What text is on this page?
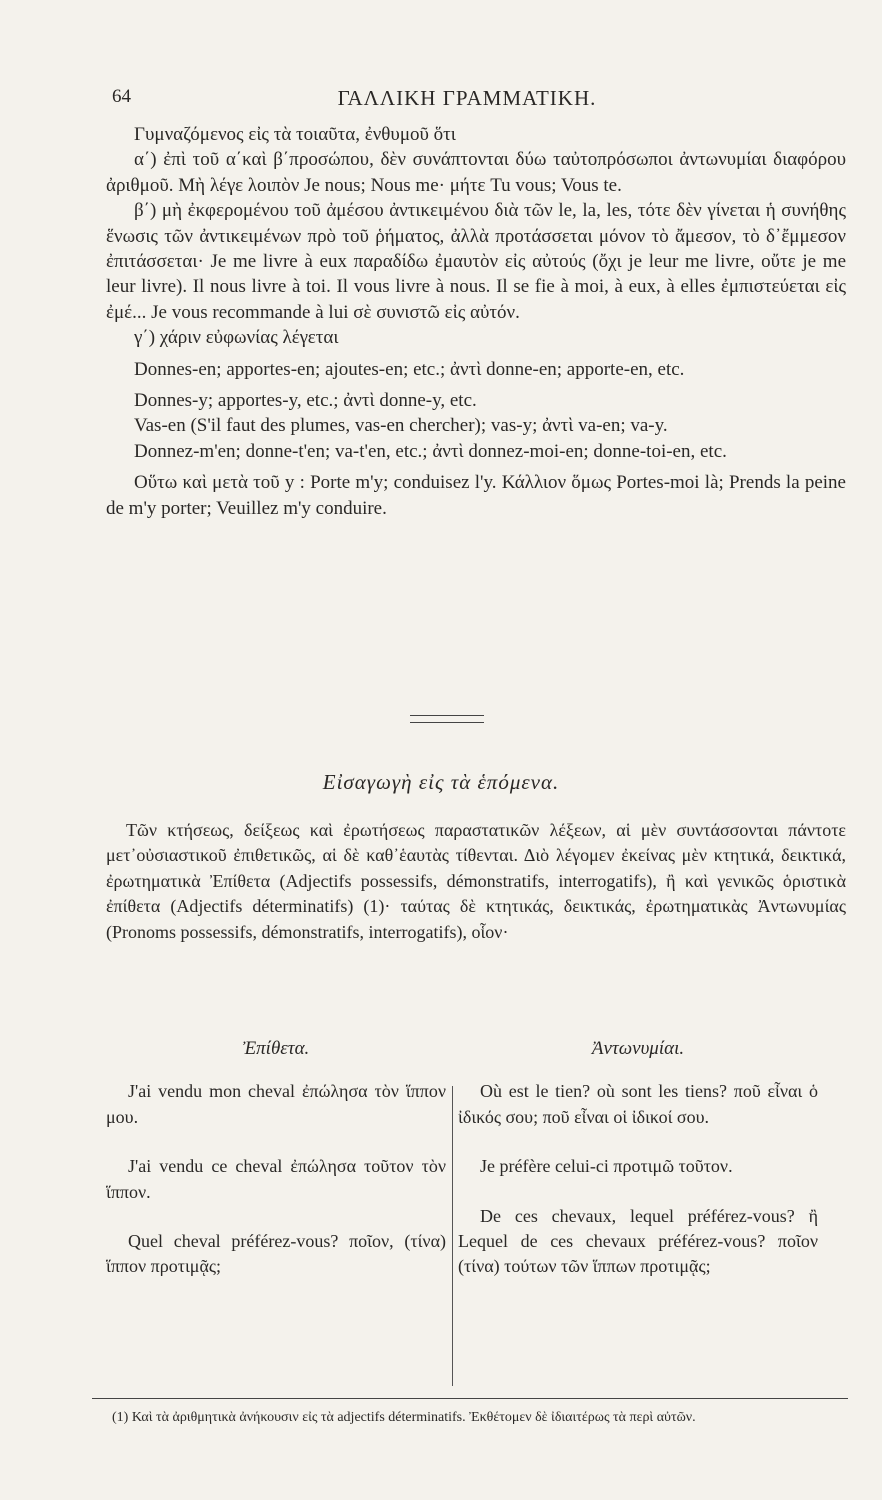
64	ΓΑΛΛΙΚΗ ΓΡΑΜΜΑΤΙΚΗ.

Γυμναζόμενος εἰς τὰ τοιαῦτα, ἐνθυμοῦ ὅτι

α΄) ἐπὶ τοῦ α΄καὶ β΄προσώπου, δὲν συνάπτονται δύω ταὐτοπρόσωποι ἀντωνυμίαι διαφόρου ἀριθμοῦ. Μὴ λέγε λοιπὸν Je nous; Nous me· μήτε Tu vous; Vous te.

β΄) μὴ ἐκφερομένου τοῦ ἀμέσου ἀντικειμένου διὰ τῶν le, la, les, τότε δὲν γίνεται ἡ συνήθης ἕνωσις τῶν ἀντικειμένων πρὸ τοῦ ῥήματος, ἀλλὰ προτάσσεται μόνον τὸ ἄμεσον, τὸ δ᾽ἔμμεσον ἐπιτάσσεται· Je me livre à eux παραδίδω ἐμαυτὸν εἰς αὐτούς (ὄχι je leur me livre, οὔτε je me leur livre). Il nous livre à toi. Il vous livre à nous. Il se fie à moi, à eux, à elles ἐμπιστεύεται εἰς ἐμέ... Je vous recommande à lui σὲ συνιστῶ εἰς αὐτόν.

γ΄) χάριν εὐφωνίας λέγεται

Donnes-en; apportes-en; ajoutes-en; etc.; ἀντὶ donne-en; apporte-en, etc.

Donnes-y; apportes-y, etc.; ἀντὶ donne-y, etc.

Vas-en (S'il faut des plumes, vas-en chercher); vas-y; ἀντὶ va-en; va-y.

Donnez-m'en; donne-t'en; va-t'en, etc.; ἀντὶ donnez-moi-en; donne-toi-en, etc.

Οὕτω καὶ μετὰ τοῦ y : Porte m'y; conduisez l'y. Κάλλιον ὅμως Portes-moi là; Prends la peine de m'y porter; Veuillez m'y conduire.

Εἰσαγωγὴ εἰς τὰ ἑπόμενα.

Τῶν κτήσεως, δείξεως καὶ ἐρωτήσεως παραστατικῶν λέξεων, αἱ μὲν συντάσσονται πάντοτε μετ᾽οὐσιαστικοῦ ἐπιθετικῶς, αἱ δὲ καθ᾽ἑαυτὰς τίθενται. Διὸ λέγομεν ἐκείνας μὲν κτητικά, δεικτικά, ἐρωτηματικὰ Ἐπίθετα (Adjectifs possessifs, démonstratifs, interrogatifs), ἢ καὶ γενικῶς ὁριστικὰ ἐπίθετα (Adjectifs déterminatifs) (1)· ταύτας δὲ κτητικάς, δεικτικάς, ἐρωτηματικὰς Ἀντωνυμίας (Pronoms possessifs, démonstratifs, interrogatifs), οἷον·

Ἐπίθετα.

J'ai vendu mon cheval ἐπώλησα τὸν ἵππον μου.

J'ai vendu ce cheval ἐπώλησα τοῦτον τὸν ἵππον.

Quel cheval préférez-vous? ποῖον, (τίνα) ἵππον προτιμᾷς;

Ἀντωνυμίαι.

Où est le tien? où sont les tiens? ποῦ εἶναι ὁ ἰδικός σου; ποῦ εἶναι οἱ ἰδικοί σου.

Je préfère celui-ci προτιμῶ τοῦτον.

De ces chevaux, lequel préférez-vous? ἢ Lequel de ces chevaux préférez-vous? ποῖον (τίνα) τούτων τῶν ἵππων προτιμᾷς;

(1) Καὶ τὰ ἀριθμητικὰ ἀνήκουσιν εἰς τὰ adjectifs déterminatifs. Ἐκθέτομεν δὲ ἰδιαιτέρως τὰ περὶ αὐτῶν.
